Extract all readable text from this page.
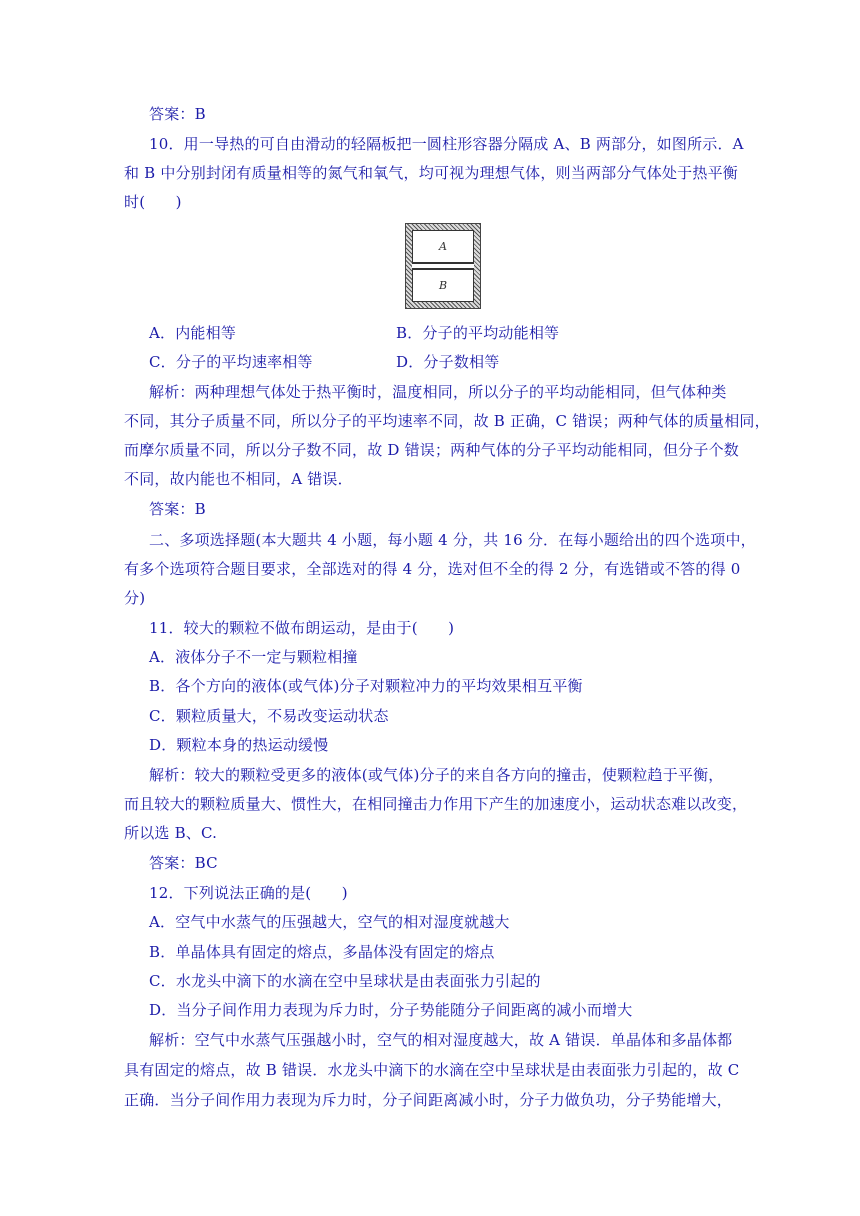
答案：B
10．用一导热的可自由滑动的轻隔板把一圆柱形容器分隔成 A、B 两部分，如图所示．A
和 B 中分别封闭有质量相等的氮气和氧气，均可视为理想气体，则当两部分气体处于热平衡
时(　　)
A
B
A．内能相等	B．分子的平均动能相等
C．分子的平均速率相等	D．分子数相等
解析：两种理想气体处于热平衡时，温度相同，所以分子的平均动能相同，但气体种类
不同，其分子质量不同，所以分子的平均速率不同，故 B 正确，C 错误；两种气体的质量相同，
而摩尔质量不同，所以分子数不同，故 D 错误；两种气体的分子平均动能相同，但分子个数
不同，故内能也不相同，A 错误．
答案：B
二、多项选择题(本大题共 4 小题，每小题 4 分，共 16 分．在每小题给出的四个选项中，
有多个选项符合题目要求，全部选对的得 4 分，选对但不全的得 2 分，有选错或不答的得 0
分)
11．较大的颗粒不做布朗运动，是由于(　　)
A．液体分子不一定与颗粒相撞
B．各个方向的液体(或气体)分子对颗粒冲力的平均效果相互平衡
C．颗粒质量大，不易改变运动状态
D．颗粒本身的热运动缓慢
解析：较大的颗粒受更多的液体(或气体)分子的来自各方向的撞击，使颗粒趋于平衡，
而且较大的颗粒质量大、惯性大，在相同撞击力作用下产生的加速度小，运动状态难以改变，
所以选 B、C.
答案：BC
12．下列说法正确的是(　　)
A．空气中水蒸气的压强越大，空气的相对湿度就越大
B．单晶体具有固定的熔点，多晶体没有固定的熔点
C．水龙头中滴下的水滴在空中呈球状是由表面张力引起的
D．当分子间作用力表现为斥力时，分子势能随分子间距离的减小而增大
解析：空气中水蒸气压强越小时，空气的相对湿度越大，故 A 错误．单晶体和多晶体都
具有固定的熔点，故 B 错误．水龙头中滴下的水滴在空中呈球状是由表面张力引起的，故 C
正确．当分子间作用力表现为斥力时，分子间距离减小时，分子力做负功，分子势能增大，
